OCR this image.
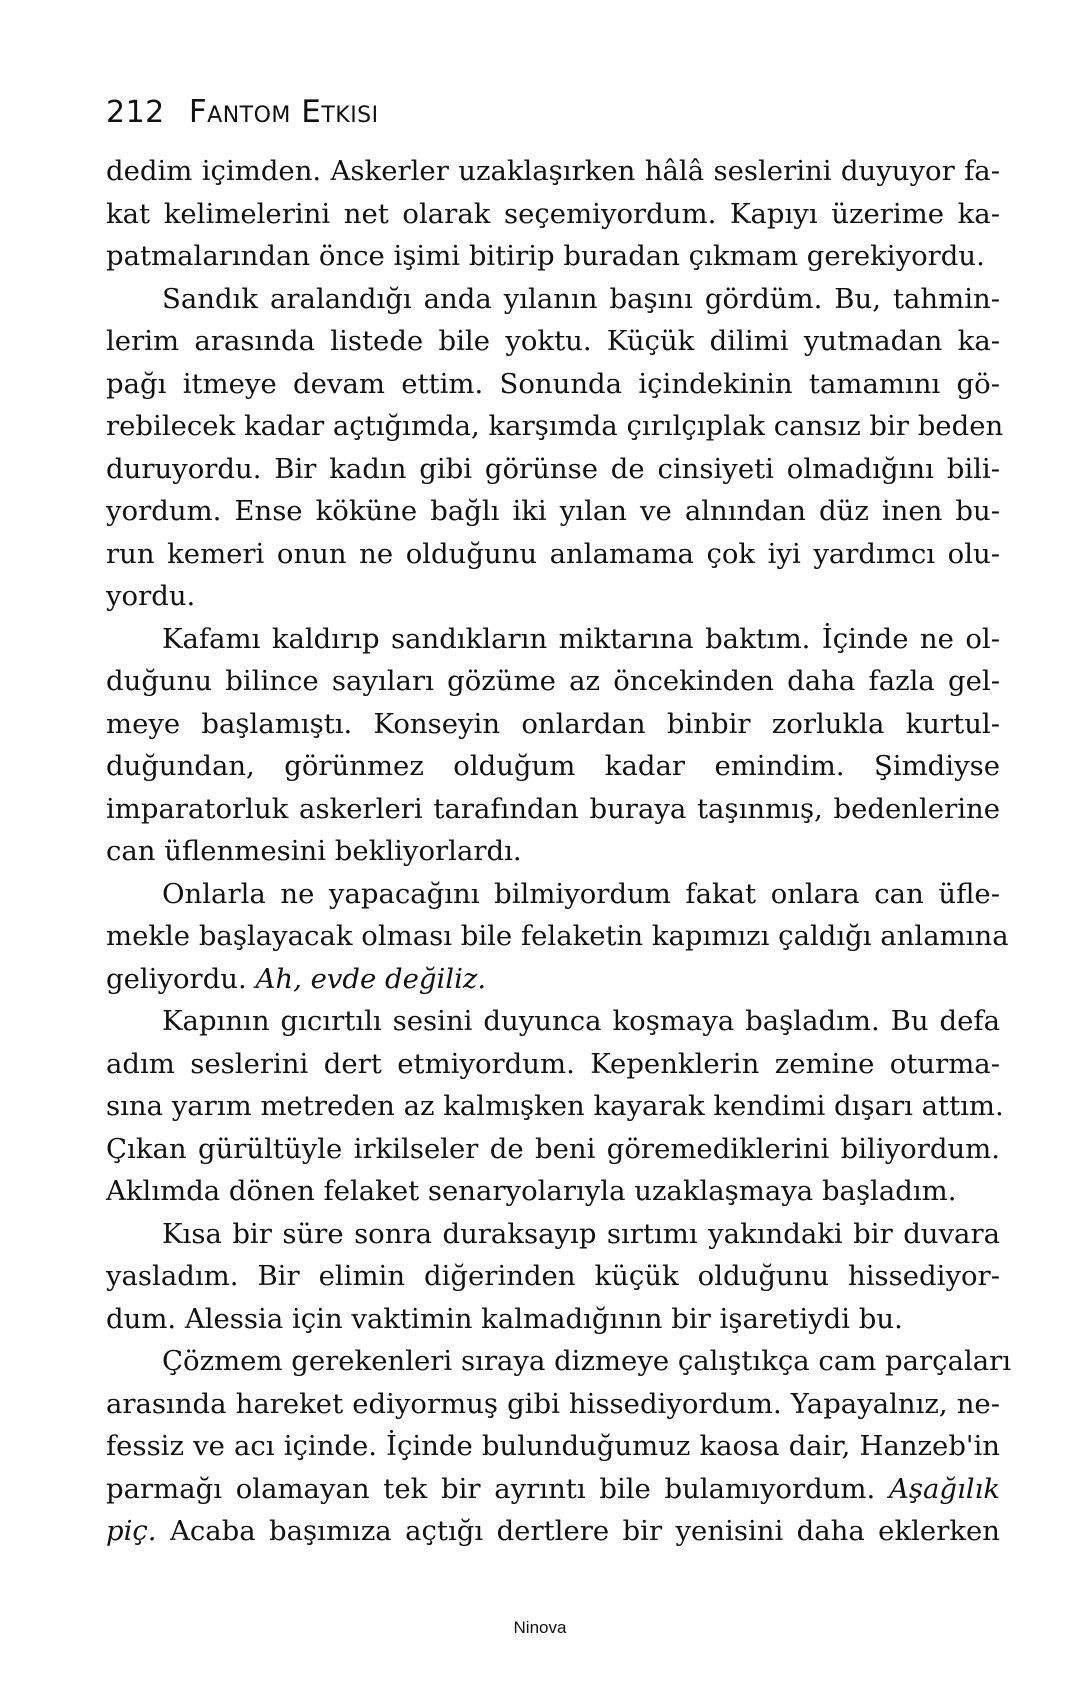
212 Fantom Etkisi
dedim içimden. Askerler uzaklaşırken hâlâ seslerini duyuyor fa-
kat kelimelerini net olarak seçemiyordum. Kapıyı üzerime ka-
patmalarından önce işimi bitirip buradan çıkmam gerekiyordu.
Sandık aralandığı anda yılanın başını gördüm. Bu, tahmin-
lerim arasında listede bile yoktu. Küçük dilimi yutmadan ka-
pağı itmeye devam ettim. Sonunda içindekinin tamamını gö-
rebilecek kadar açtığımda, karşımda çırılçıplak cansız bir beden
duruyordu. Bir kadın gibi görünse de cinsiyeti olmadığını bili-
yordum. Ense köküne bağlı iki yılan ve alnından düz inen bu-
run kemeri onun ne olduğunu anlamama çok iyi yardımcı olu-
yordu.
Kafamı kaldırıp sandıkların miktarına baktım. İçinde ne ol-
duğunu bilince sayıları gözüme az öncekinden daha fazla gel-
meye başlamıştı. Konseyin onlardan binbir zorlukla kurtul-
duğundan, görünmez olduğum kadar emindim. Şimdiyse
imparatorluk askerleri tarafından buraya taşınmış, bedenlerine
can üflenmesini bekliyorlardı.
Onlarla ne yapacağını bilmiyordum fakat onlara can üfle-
mekle başlayacak olması bile felaketin kapımızı çaldığı anlamına
geliyordu. Ah, evde değiliz.
Kapının gıcırtılı sesini duyunca koşmaya başladım. Bu defa
adım seslerini dert etmiyordum. Kepenklerin zemine oturma-
sına yarım metreden az kalmışken kayarak kendimi dışarı attım.
Çıkan gürültüyle irkilseler de beni göremediklerini biliyordum.
Aklımda dönen felaket senaryolarıyla uzaklaşmaya başladım.
Kısa bir süre sonra duraksayıp sırtımı yakındaki bir duvara
yasladım. Bir elimin diğerinden küçük olduğunu hissediyor-
dum. Alessia için vaktimin kalmadığının bir işaretiydi bu.
Çözmem gerekenleri sıraya dizmeye çalıştıkça cam parçaları
arasında hareket ediyormuş gibi hissediyordum. Yapayalnız, ne-
fessiz ve acı içinde. İçinde bulunduğumuz kaosa dair, Hanzeb'in
parmağı olamayan tek bir ayrıntı bile bulamıyordum. Aşağılık
piç. Acaba başımıza açtığı dertlere bir yenisini daha eklerken
Ninova
